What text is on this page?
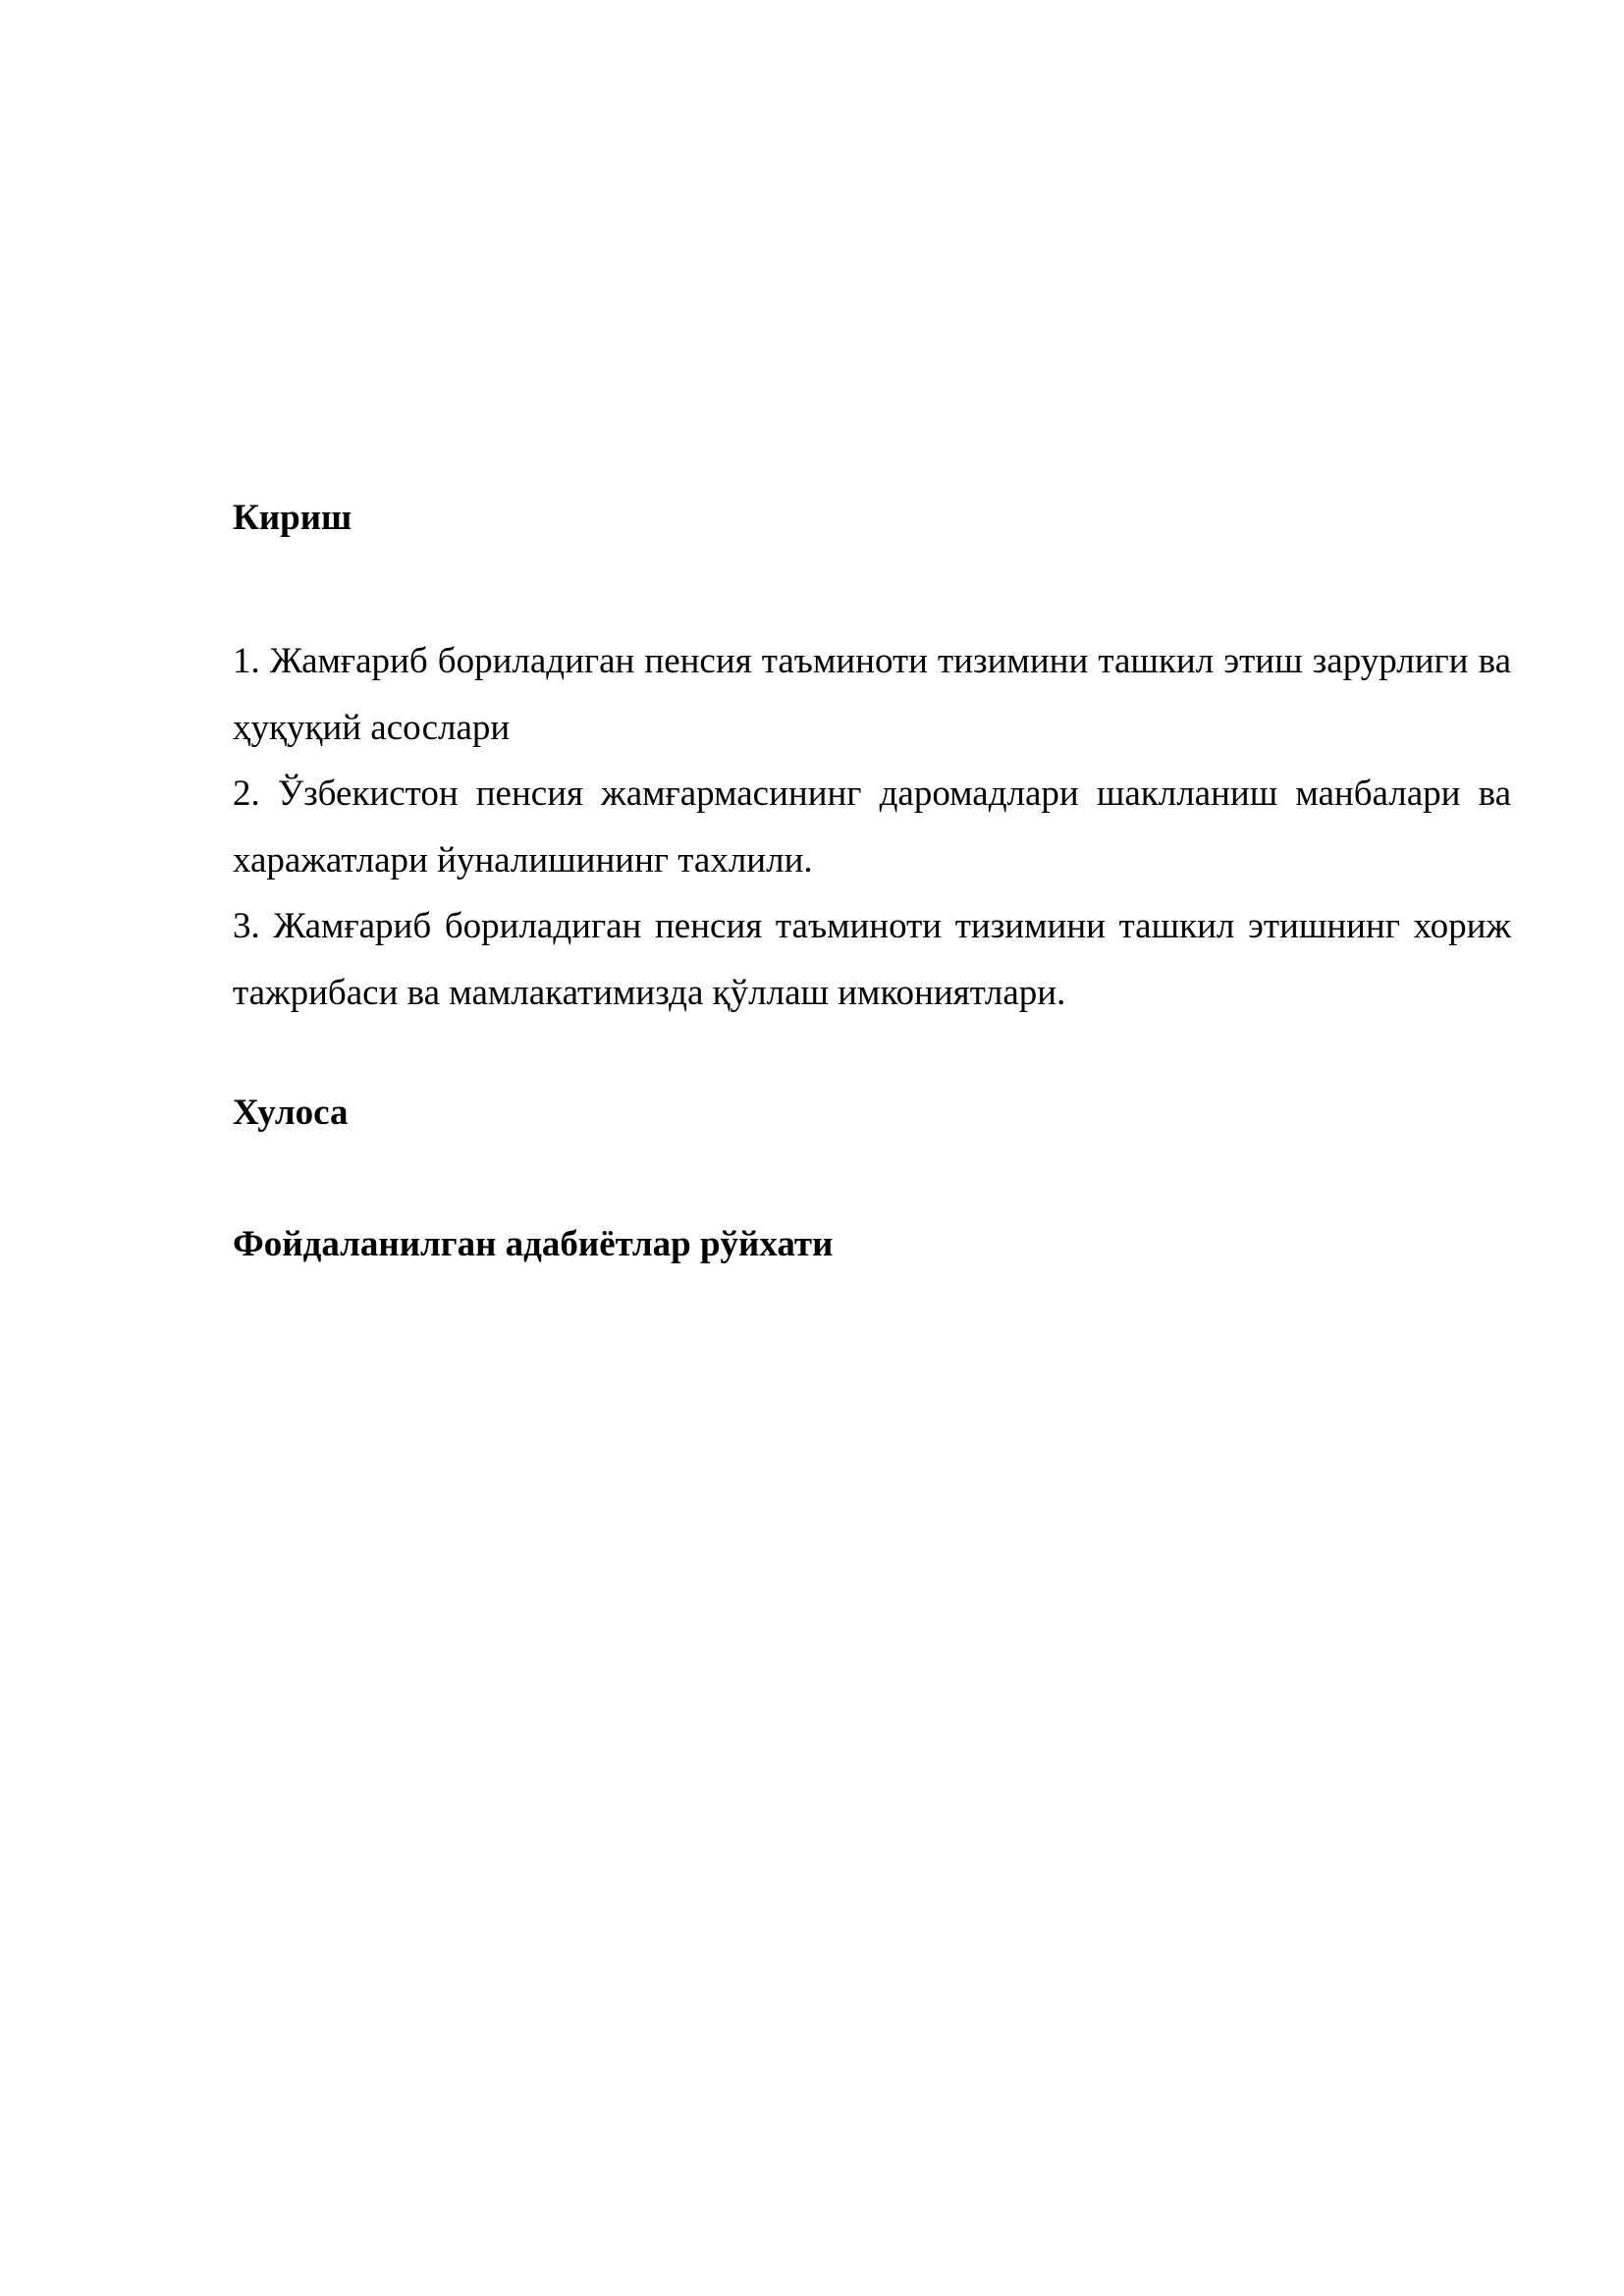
Кириш
1. Жамғариб бориладиган пенсия таъминоти тизимини ташкил этиш зарурлиги ва ҳуқуқий асослари
2. Ўзбекистон пенсия жамғармасининг даромадлари шаклланиш манбалари ва харажатлари йуналишининг тахлили.
3. Жамғариб бориладиган пенсия таъминоти тизимини ташкил этишнинг хориж тажрибаси ва мамлакатимизда қўллаш имкониятлари.
Хулоса
Фойдаланилган адабиётлар рўйхати
